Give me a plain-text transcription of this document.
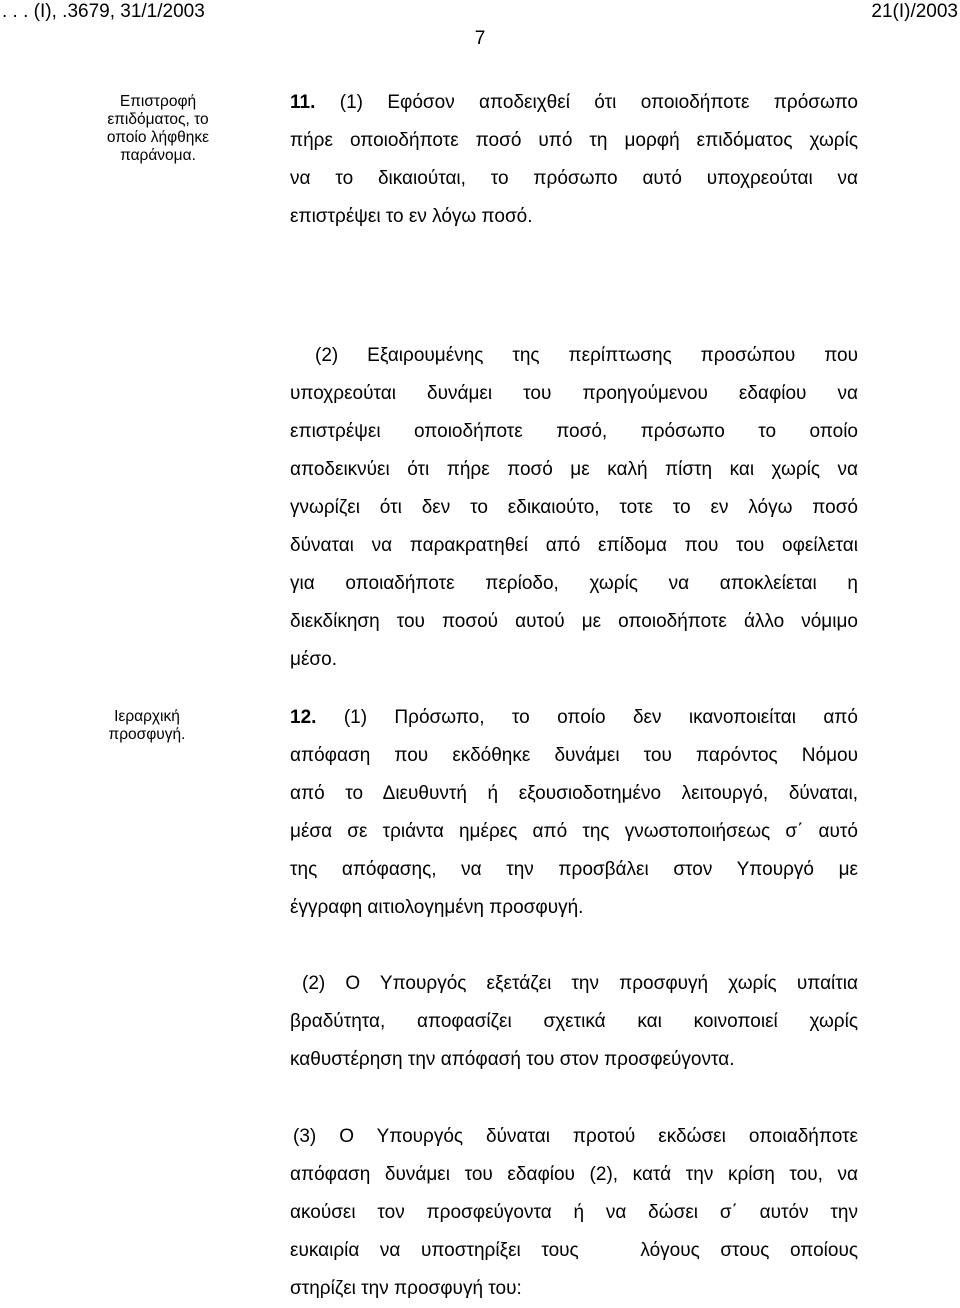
. . . (Ι), .3679, 31/1/2003	21(I)/2003
7
Επιστροφή
επιδόματος, το
οποίο λήφθηκε
παράνομα.
11. (1) Εφόσον αποδειχθεί ότι οποιοδήποτε πρόσωπο
πήρε οποιοδήποτε ποσό υπό τη μορφή επιδόματος χωρίς
να το δικαιούται, το πρόσωπο αυτό υποχρεούται να
επιστρέψει το εν λόγω ποσό.
(2) Εξαιρουμένης της περίπτωσης προσώπου που
υποχρεούται δυνάμει του προηγούμενου εδαφίου να
επιστρέψει οποιοδήποτε ποσό, πρόσωπο το οποίο
αποδεικνύει ότι πήρε ποσό με καλή πίστη και χωρίς να
γνωρίζει ότι δεν το εδικαιούτο, τοτε το εν λόγω ποσό
δύναται να παρακρατηθεί από επίδομα που του οφείλεται
για οποιαδήποτε περίοδο, χωρίς να αποκλείεται η
διεκδίκηση του ποσού αυτού με οποιοδήποτε άλλο νόμιμο
μέσο.
Ιεραρχική
προσφυγή.
12. (1) Πρόσωπο, το οποίο δεν ικανοποιείται από
απόφαση που εκδόθηκε δυνάμει του παρόντος Νόμου
από το Διευθυντή ή εξουσιοδοτημένο λειτουργό, δύναται,
μέσα σε τριάντα ημέρες από της γνωστοποιήσεως σ΄ αυτό
της απόφασης, να την προσβάλει στον Υπουργό με
έγγραφη αιτιολογημένη προσφυγή.
(2) Ο Υπουργός εξετάζει την προσφυγή χωρίς υπαίτια
βραδύτητα, αποφασίζει σχετικά και κοινοποιεί χωρίς
καθυστέρηση την απόφασή του στον προσφεύγοντα.
(3) Ο Υπουργός δύναται προτού εκδώσει οποιαδήποτε
απόφαση δυνάμει του εδαφίου (2), κατά την κρίση του, να
ακούσει τον προσφεύγοντα ή να δώσει σ΄ αυτόν την
ευκαιρία να υποστηρίξει τους   λόγους στους οποίους
στηρίζει την προσφυγή του:
